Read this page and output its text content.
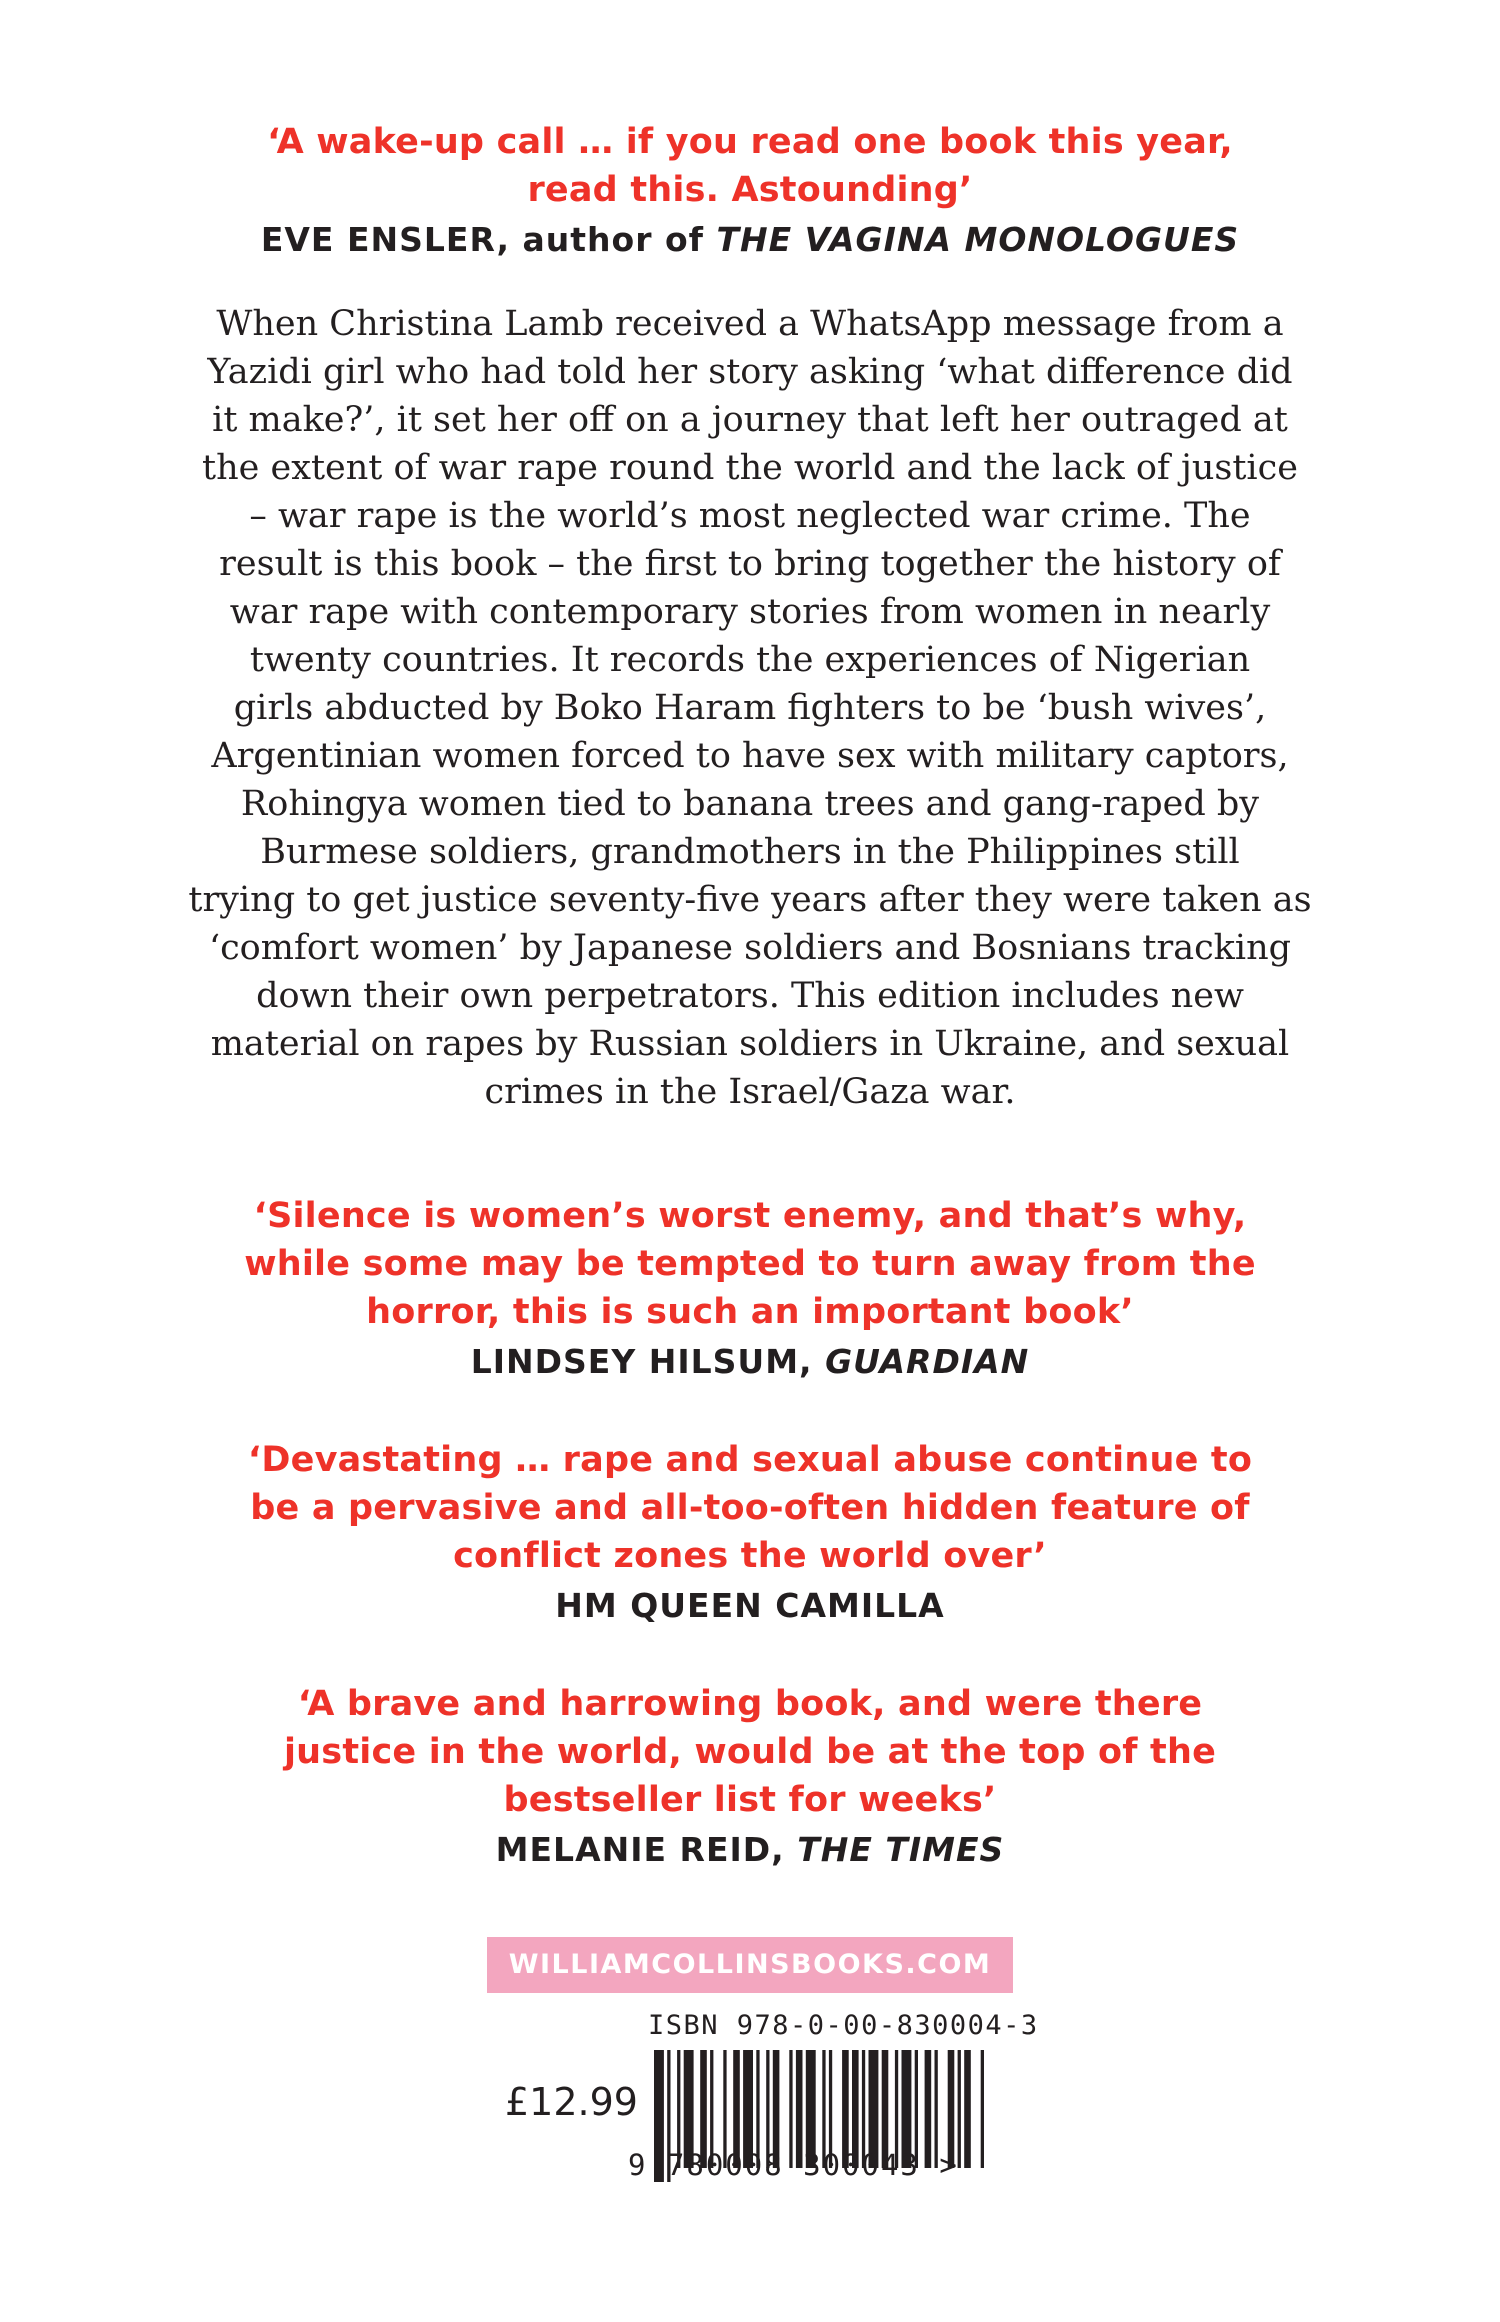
‘A wake-up call … if you read one book this year,
read this. Astounding’
EVE ENSLER, author of THE VAGINA MONOLOGUES
When Christina Lamb received a WhatsApp message from a
Yazidi girl who had told her story asking ‘what difference did
it make?’, it set her off on a journey that left her outraged at
the extent of war rape round the world and the lack of justice
– war rape is the world’s most neglected war crime. The
result is this book – the first to bring together the history of
war rape with contemporary stories from women in nearly
twenty countries. It records the experiences of Nigerian
girls abducted by Boko Haram fighters to be ‘bush wives’,
Argentinian women forced to have sex with military captors,
Rohingya women tied to banana trees and gang-raped by
Burmese soldiers, grandmothers in the Philippines still
trying to get justice seventy-five years after they were taken as
‘comfort women’ by Japanese soldiers and Bosnians tracking
down their own perpetrators. This edition includes new
material on rapes by Russian soldiers in Ukraine, and sexual
crimes in the Israel/Gaza war.
‘Silence is women’s worst enemy, and that’s why,
while some may be tempted to turn away from the
horror, this is such an important book’
LINDSEY HILSUM, GUARDIAN
‘Devastating … rape and sexual abuse continue to
be a pervasive and all-too-often hidden feature of
conflict zones the world over’
HM QUEEN CAMILLA
‘A brave and harrowing book, and were there
justice in the world, would be at the top of the
bestseller list for weeks’
MELANIE REID, THE TIMES
WILLIAMCOLLINSBOOKS.COM
ISBN 978-0-00-830004-3
£12.99
9 780008 300043 >
